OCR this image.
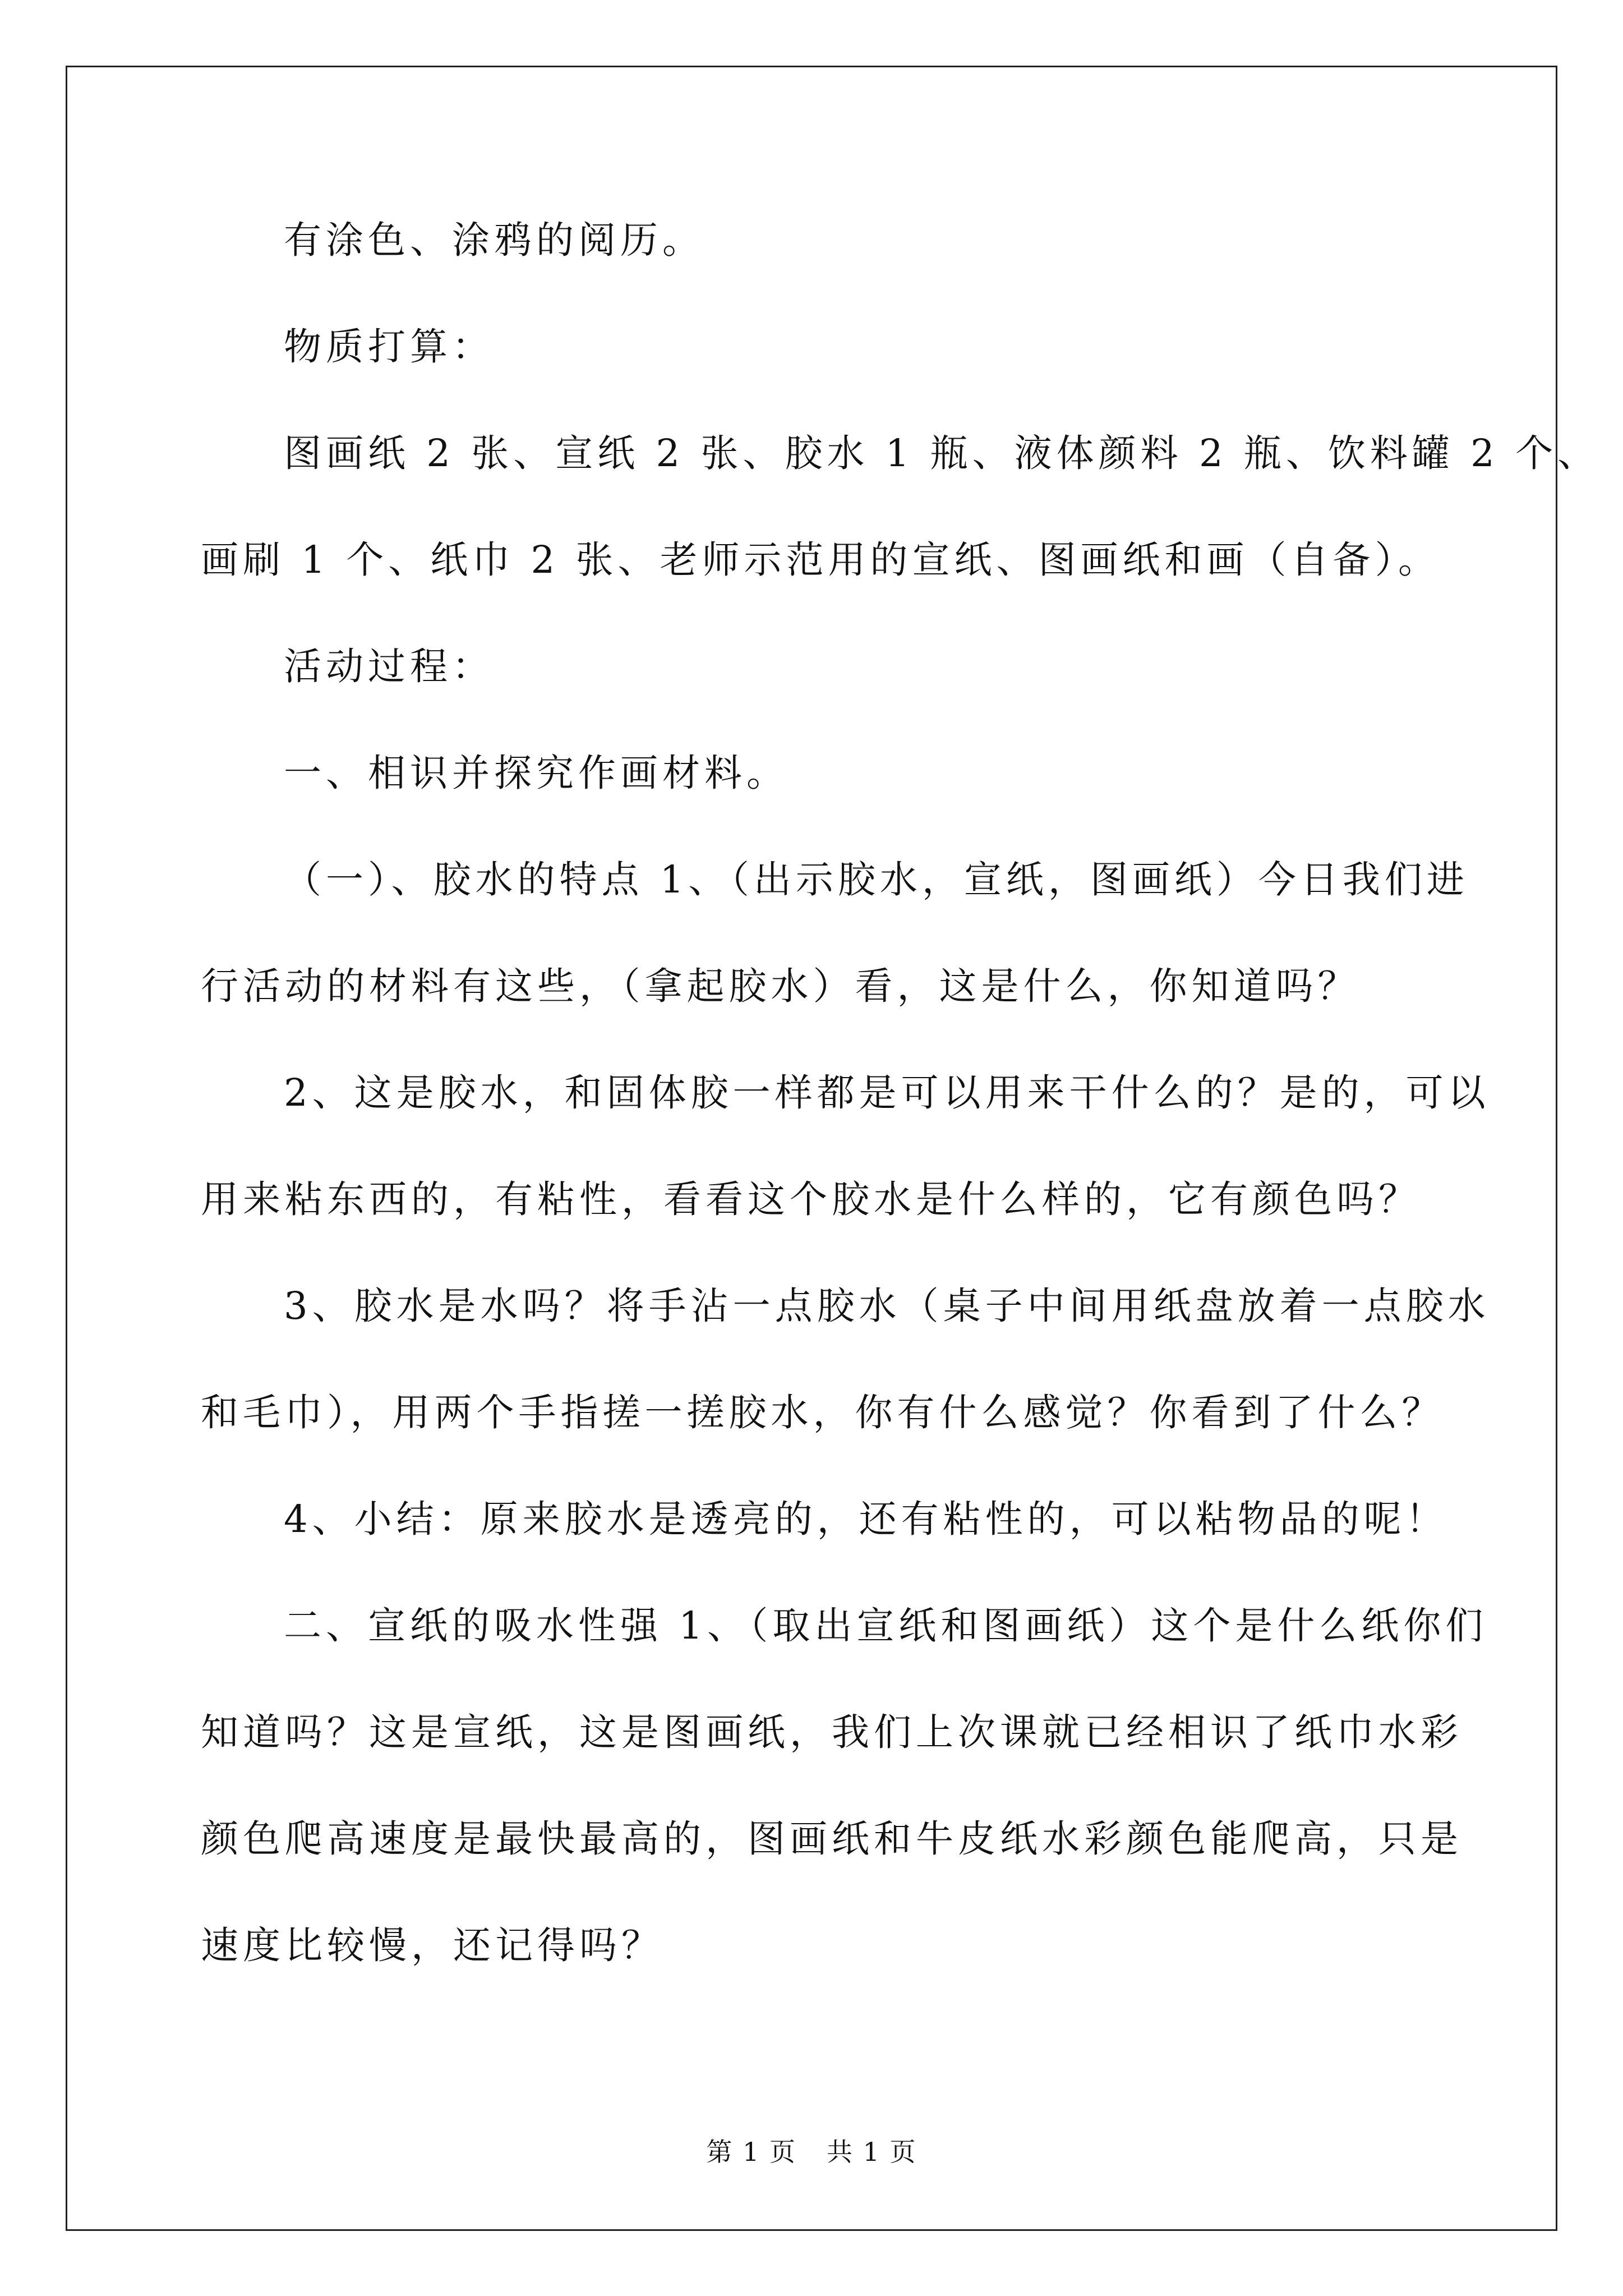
有涂色、涂鸦的阅历。
物质打算：
图画纸 2 张、宣纸 2 张、胶水 1 瓶、液体颜料 2 瓶、饮料罐 2 个、
画刷 1 个、纸巾 2 张、老师示范用的宣纸、图画纸和画（自备）。
活动过程：
一、相识并探究作画材料。
（一）、胶水的特点 1、（出示胶水，宣纸，图画纸）今日我们进
行活动的材料有这些，（拿起胶水）看，这是什么，你知道吗？
2、这是胶水，和固体胶一样都是可以用来干什么的？是的，可以
用来粘东西的，有粘性，看看这个胶水是什么样的，它有颜色吗？
3、胶水是水吗？将手沾一点胶水（桌子中间用纸盘放着一点胶水
和毛巾），用两个手指搓一搓胶水，你有什么感觉？你看到了什么？
4、小结：原来胶水是透亮的，还有粘性的，可以粘物品的呢！
二、宣纸的吸水性强 1、（取出宣纸和图画纸）这个是什么纸你们
知道吗？这是宣纸，这是图画纸，我们上次课就已经相识了纸巾水彩
颜色爬高速度是最快最高的，图画纸和牛皮纸水彩颜色能爬高，只是
速度比较慢，还记得吗？
第 1 页 共 1 页
